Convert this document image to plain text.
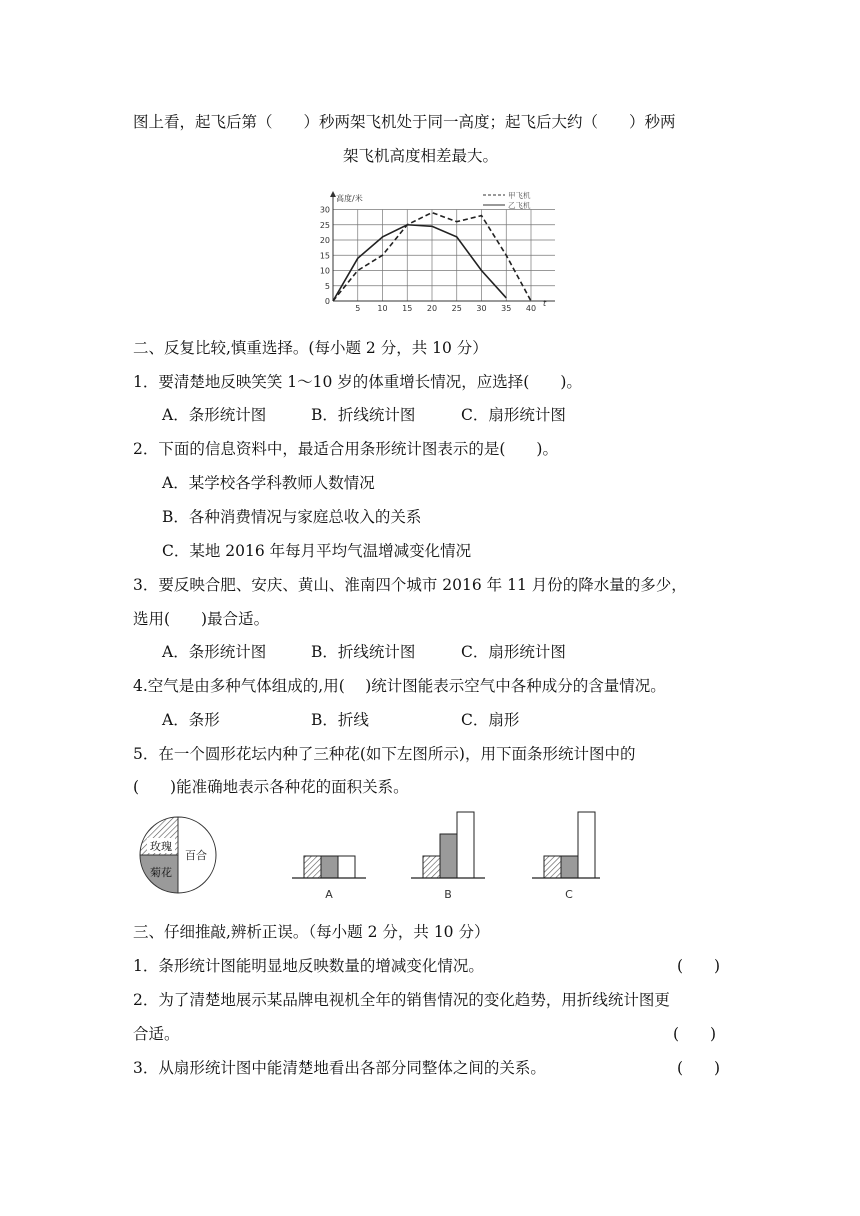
图上看，起飞后第（　　）秒两架飞机处于同一高度；起飞后大约（　　）秒两
架飞机高度相差最大。
0
5
10
15
20
25
30
5 10 15 20 25 30 35 40
高度/米
t
甲飞机
乙飞机
二、反复比较,慎重选择。(每小题 2 分，共 10 分）
1．要清楚地反映笑笑 1～10 岁的体重增长情况，应选择(　　)。
A．条形统计图	B．折线统计图	C．扇形统计图
2．下面的信息资料中，最适合用条形统计图表示的是(　　)。
A．某学校各学科教师人数情况
B．各种消费情况与家庭总收入的关系
C．某地 2016 年每月平均气温增减变化情况
3．要反映合肥、安庆、黄山、淮南四个城市 2016 年 11 月份的降水量的多少，
选用(　　)最合适。
A．条形统计图	B．折线统计图	C．扇形统计图
4.空气是由多种气体组成的,用(　 )统计图能表示空气中各种成分的含量情况。
A．条形	B．折线	C．扇形
5．在一个圆形花坛内种了三种花(如下左图所示)，用下面条形统计图中的
(　　)能准确地表示各种花的面积关系。
玫瑰
百合
菊花
A	B	C
三、仔细推敲,辨析正误。（每小题 2 分，共 10 分）
1．条形统计图能明显地反映数量的增减变化情况。	(　　)
2．为了清楚地展示某品牌电视机全年的销售情况的变化趋势，用折线统计图更
合适。	(　　)
3．从扇形统计图中能清楚地看出各部分同整体之间的关系。	(　　)
